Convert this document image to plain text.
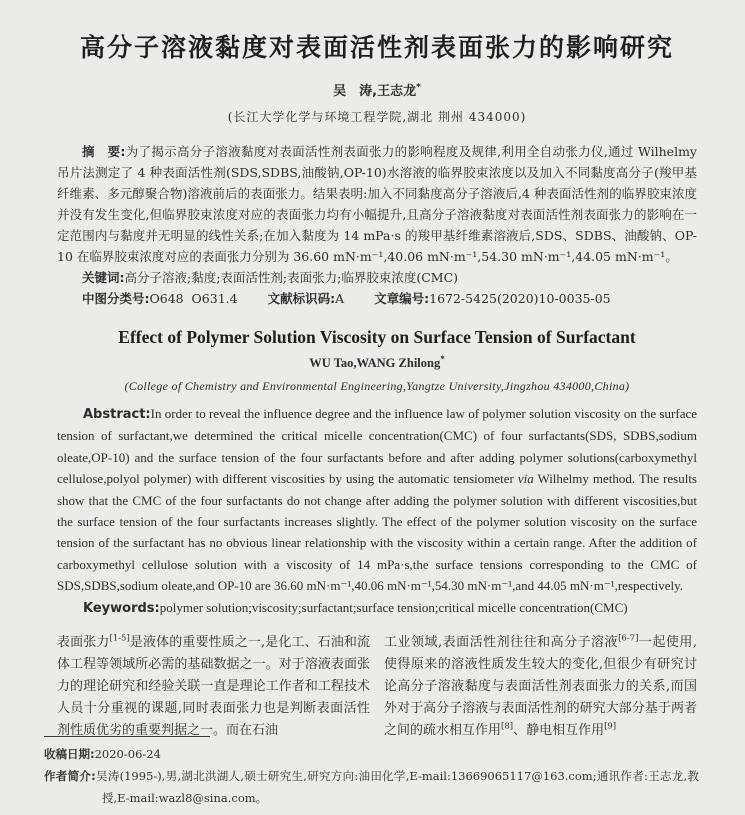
高分子溶液黏度对表面活性剂表面张力的影响研究
吴　涛,王志龙*
(长江大学化学与环境工程学院,湖北 荆州 434000)

摘　要:为了揭示高分子溶液黏度对表面活性剂表面张力的影响程度及规律,利用全自动张力仪,通过 Wilhelmy 吊片法测定了 4 种表面活性剂(SDS,SDBS,油酸钠,OP-10)水溶液的临界胶束浓度以及加入不同黏度高分子(羧甲基纤维素、多元醇聚合物)溶液前后的表面张力。结果表明:加入不同黏度高分子溶液后,4 种表面活性剂的临界胶束浓度并没有发生变化,但临界胶束浓度对应的表面张力均有小幅提升,且高分子溶液黏度对表面活性剂表面张力的影响在一定范围内与黏度并无明显的线性关系;在加入黏度为 14 mPa·s 的羧甲基纤维素溶液后,SDS、SDBS、油酸钠、OP-10 在临界胶束浓度对应的表面张力分别为 36.60 mN·m⁻¹,40.06 mN·m⁻¹,54.30 mN·m⁻¹,44.05 mN·m⁻¹。

关键词:高分子溶液;黏度;表面活性剂;表面张力;临界胶束浓度(CMC)

中图分类号:O648  O631.4 文献标识码:A 文章编号:1672-5425(2020)10-0035-05

Effect of Polymer Solution Viscosity on Surface Tension of Surfactant
WU Tao,WANG Zhilong*
(College of Chemistry and Environmental Engineering,Yangtze University,Jingzhou 434000,China)

Abstract:In order to reveal the influence degree and the influence law of polymer solution viscosity on the surface tension of surfactant,we determined the critical micelle concentration(CMC) of four surfactants(SDS, SDBS,sodium oleate,OP-10) and the surface tension of the four surfactants before and after adding polymer solutions(carboxymethyl cellulose,polyol polymer) with different viscosities by using the automatic tensiometer via Wilhelmy method. The results show that the CMC of the four surfactants do not change after adding the polymer solution with different viscosities,but the surface tension of the four surfactants increases slightly. The effect of the polymer solution viscosity on the surface tension of the surfactant has no obvious linear relationship with the viscosity within a certain range. After the addition of carboxymethyl cellulose solution with a viscosity of 14 mPa·s,the surface tensions corresponding to the CMC of SDS,SDBS,sodium oleate,and OP-10 are 36.60 mN·m⁻¹,40.06 mN·m⁻¹,54.30 mN·m⁻¹,and 44.05 mN·m⁻¹,respectively.

Keywords:polymer solution;viscosity;surfactant;surface tension;critical micelle concentration(CMC)

表面张力[1-5]是液体的重要性质之一,是化工、石油和流体工程等领域所必需的基础数据之一。对于溶液表面张力的理论研究和经验关联一直是理论工作者和工程技术人员十分重视的课题,同时表面张力也是判断表面活性剂性质优劣的重要判据之一。而在石油

工业领域,表面活性剂往往和高分子溶液[6-7]一起使用,使得原来的溶液性质发生较大的变化,但很少有研究讨论高分子溶液黏度与表面活性剂表面张力的关系,而国外对于高分子溶液与表面活性剂的研究大部分基于两者之间的疏水相互作用[8]、静电相互作用[9]

收稿日期:2020-06-24

作者简介:吴涛(1995-),男,湖北洪湖人,硕士研究生,研究方向:油田化学,E-mail:13669065117@163.com;通讯作者:王志龙,教授,E-mail:wazl8@sina.com。
